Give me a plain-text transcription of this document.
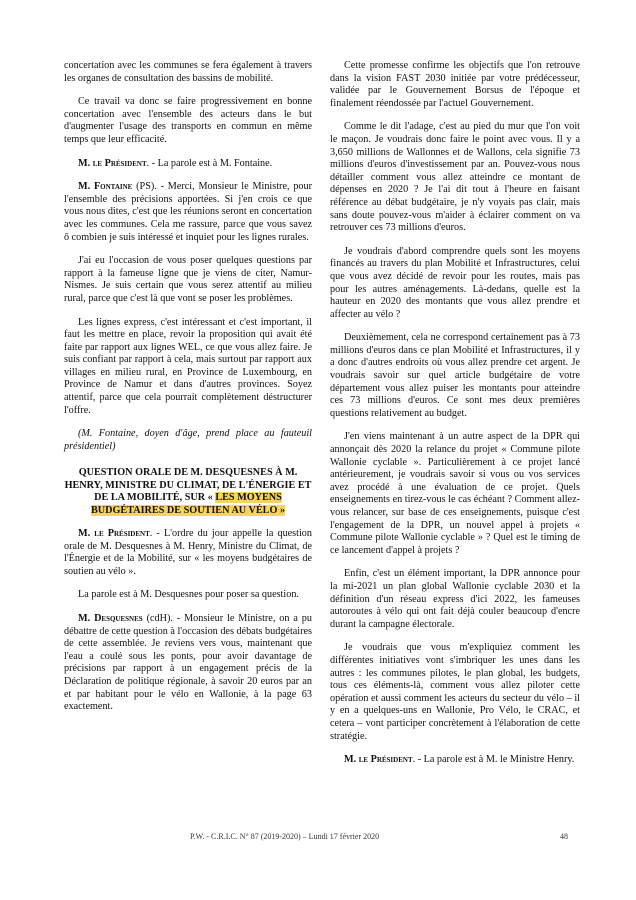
concertation avec les communes se fera également à travers les organes de consultation des bassins de mobilité.

Ce travail va donc se faire progressivement en bonne concertation avec l'ensemble des acteurs dans le but d'augmenter l'usage des transports en commun en même temps que leur efficacité.

M. le Président. - La parole est à M. Fontaine.

M. Fontaine (PS). - Merci, Monsieur le Ministre, pour l'ensemble des précisions apportées. Si j'en crois ce que vous nous dites, c'est que les réunions seront en concertation avec les communes. Cela me rassure, parce que vous savez ô combien je suis intéressé et inquiet pour les lignes rurales.

J'ai eu l'occasion de vous poser quelques questions par rapport à la fameuse ligne que je viens de citer, Namur-Nismes. Je suis certain que vous serez attentif au milieu rural, parce que c'est là que vont se poser les problèmes.

Les lignes express, c'est intéressant et c'est important, il faut les mettre en place, revoir la proposition qui avait été faite par rapport aux lignes WEL, ce que vous allez faire. Je suis confiant par rapport à cela, mais surtout par rapport aux villages en milieu rural, en Province de Luxembourg, en Province de Namur et dans d'autres provinces. Soyez attentif, parce que cela pourrait complètement déstructurer l'offre.

(M. Fontaine, doyen d'âge, prend place au fauteuil présidentiel)

QUESTION ORALE DE M. DESQUESNES À M. HENRY, MINISTRE DU CLIMAT, DE L'ÉNERGIE ET DE LA MOBILITÉ, SUR « LES MOYENS BUDGÉTAIRES DE SOUTIEN AU VÉLO »

M. le Président. - L'ordre du jour appelle la question orale de M. Desquesnes à M. Henry, Ministre du Climat, de l'Énergie et de la Mobilité, sur « les moyens budgétaires de soutien au vélo ».

La parole est à M. Desquesnes pour poser sa question.

M. Desquesnes (cdH). - Monsieur le Ministre, on a pu débattre de cette question à l'occasion des débats budgétaires de cette assemblée. Je reviens vers vous, maintenant que l'eau a coulé sous les ponts, pour avoir davantage de précisions par rapport à un engagement précis de la Déclaration de politique régionale, à savoir 20 euros par an et par habitant pour le vélo en Wallonie, à la page 63 exactement.

Cette promesse confirme les objectifs que l'on retrouve dans la vision FAST 2030 initiée par votre prédécesseur, validée par le Gouvernement Borsus de l'époque et finalement réendossée par l'actuel Gouvernement.

Comme le dit l'adage, c'est au pied du mur que l'on voit le maçon. Je voudrais donc faire le point avec vous. Il y a 3,650 millions de Wallonnes et de Wallons, cela signifie 73 millions d'euros d'investissement par an. Pouvez-vous nous détailler comment vous allez atteindre ce montant de dépenses en 2020 ? Je l'ai dit tout à l'heure en faisant référence au débat budgétaire, je n'y voyais pas clair, mais sans doute pouvez-vous m'aider à éclairer comment on va retrouver ces 73 millions d'euros.

Je voudrais d'abord comprendre quels sont les moyens financés au travers du plan Mobilité et Infrastructures, celui que vous avez décidé de revoir pour les routes, mais pas pour les autres aménagements. Là-dedans, quelle est la hauteur en 2020 des montants que vous allez prendre et affecter au vélo ?

Deuxièmement, cela ne correspond certainement pas à 73 millions d'euros dans ce plan Mobilité et Infrastructures, il y a donc d'autres endroits où vous allez prendre cet argent. Je voudrais savoir sur quel article budgétaire de votre département vous allez puiser les montants pour atteindre ces 73 millions d'euros. Ce sont mes deux premières questions relativement au budget.

J'en viens maintenant à un autre aspect de la DPR qui annonçait dès 2020 la relance du projet « Commune pilote Wallonie cyclable ». Particulièrement à ce projet lancé antérieurement, je voudrais savoir si vous ou vos services avez procédé à une évaluation de ce projet. Quels enseignements en tirez-vous le cas échéant ? Comment allez-vous relancer, sur base de ces enseignements, puisque c'est l'engagement de la DPR, un nouvel appel à projets « Commune pilote Wallonie cyclable » ? Quel est le timing de ce lancement d'appel à projets ?

Enfin, c'est un élément important, la DPR annonce pour la mi-2021 un plan global Wallonie cyclable 2030 et la définition d'un réseau express d'ici 2022, les fameuses autoroutes à vélo qui ont fait déjà couler beaucoup d'encre durant la campagne électorale.

Je voudrais que vous m'expliquiez comment les différentes initiatives vont s'imbriquer les unes dans les autres : les communes pilotes, le plan global, les budgets, tous ces éléments-là, comment vous allez piloter cette opération et aussi comment les acteurs du secteur du vélo – il y en a quelques-uns en Wallonie, Pro Vélo, le CRAC, et cetera – vont participer concrètement à l'élaboration de cette stratégie.

M. le Président. - La parole est à M. le Ministre Henry.

P.W. - C.R.I.C. N° 87 (2019-2020) – Lundi 17 février 2020	48
